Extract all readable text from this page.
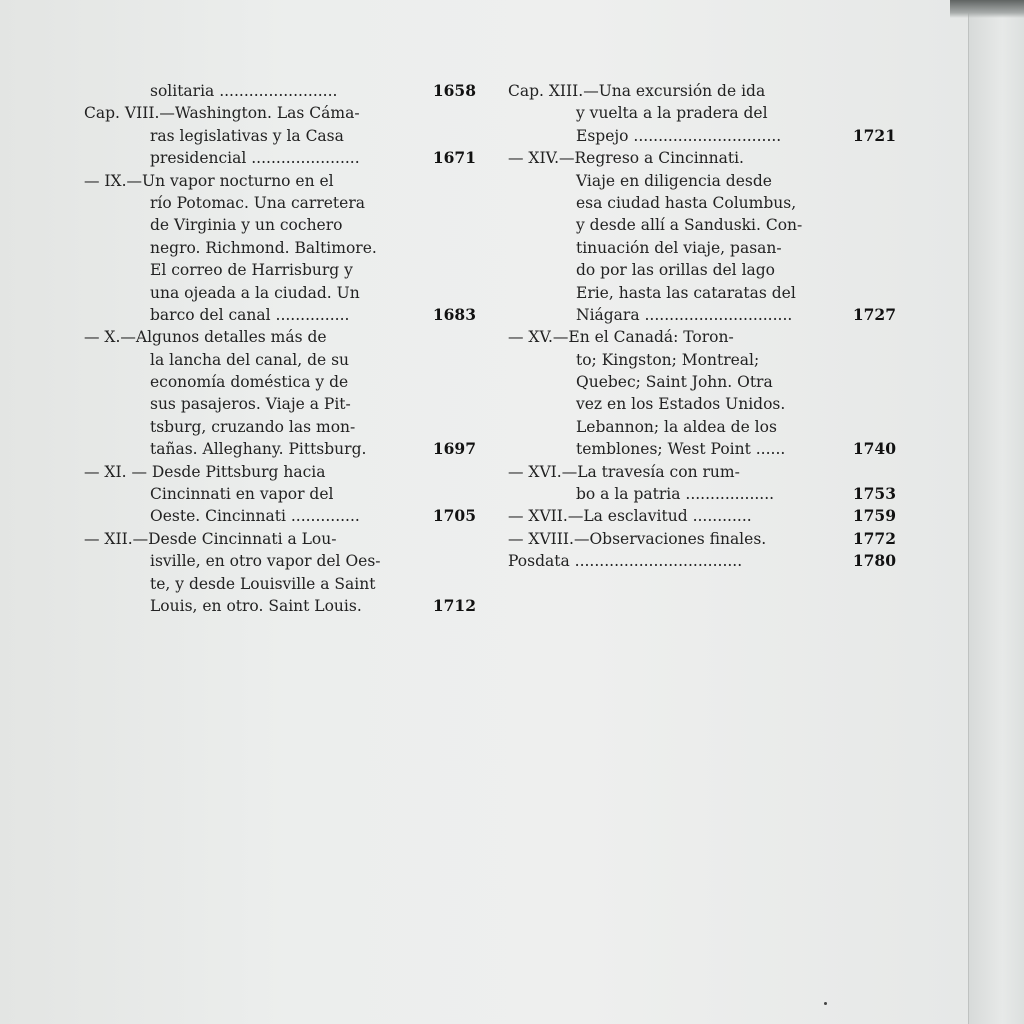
solitaria ........................	1658
Cap. VIII.—Washington. Las Cáma-
ras legislativas y la Casa
presidencial ......................	1671
— IX.—Un vapor nocturno en el
río Potomac. Una carretera
de Virginia y un cochero
negro. Richmond. Baltimore.
El correo de Harrisburg y
una ojeada a la ciudad. Un
barco del canal ...............	1683
— X.—Algunos detalles más de
la lancha del canal, de su
economía doméstica y de
sus pasajeros. Viaje a Pit-
tsburg, cruzando las mon-
tañas. Alleghany. Pittsburg.	1697
— XI. — Desde Pittsburg hacia
Cincinnati en vapor del
Oeste. Cincinnati ..............	1705
— XII.—Desde Cincinnati a Lou-
isville, en otro vapor del Oes-
te, y desde Louisville a Saint
Louis, en otro. Saint Louis.	1712
Cap. XIII.—Una excursión de ida
y vuelta a la pradera del
Espejo ..............................	1721
— XIV.—Regreso a Cincinnati.
Viaje en diligencia desde
esa ciudad hasta Columbus,
y desde allí a Sanduski. Con-
tinuación del viaje, pasan-
do por las orillas del lago
Erie, hasta las cataratas del
Niágara ..............................	1727
— XV.—En el Canadá: Toron-
to; Kingston; Montreal;
Quebec; Saint John. Otra
vez en los Estados Unidos.
Lebannon; la aldea de los
temblones; West Point ......	1740
— XVI.—La travesía con rum-
bo a la patria ..................	1753
— XVII.—La esclavitud ............	1759
— XVIII.—Observaciones finales.	1772
Posdata ..................................	1780
